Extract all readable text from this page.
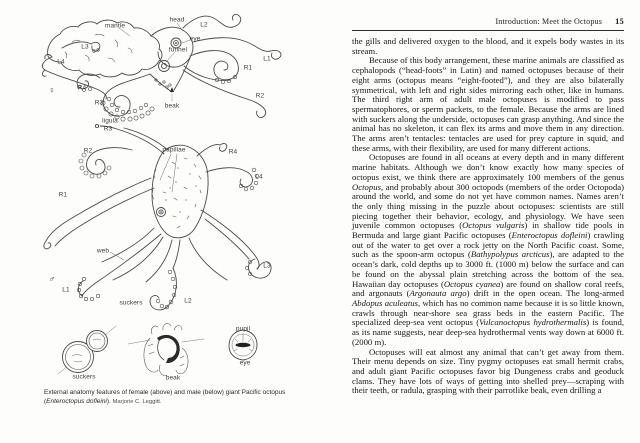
mantle
head
eye
funnel
L2
L1
R1
R2
R3
R4
L3
L4
beak
♀
ligula
R3
R2	papillae	R4
L4
R1
web
L3
L1
suckers	L2
♂
suckers	beak
pupil
eye
External anatomy features of female (above) and male (below) giant Pacific octopus (Enteroctopus dofleini). Marjorie C. Leggitt.
Introduction: Meet the Octopus 15

the gills and delivered oxygen to the blood, and it expels body wastes in its stream.

Because of this body arrangement, these marine animals are classified as cephalopods (“head-foots” in Latin) and named octopuses because of their eight arms (octopus means “eight-footed”), and they are also bilaterally symmetrical, with left and right sides mirroring each other, like in humans. The third right arm of adult male octopuses is modified to pass spermatophores, or sperm packets, to the female. Because the arms are lined with suckers along the underside, octopuses can grasp anything. And since the animal has no skeleton, it can flex its arms and move them in any direction. The arms aren’t tentacles: tentacles are used for prey capture in squid, and these arms, with their flexibility, are used for many different actions.

Octopuses are found in all oceans at every depth and in many different marine habitats. Although we don’t know exactly how many species of octopus exist, we think there are approximately 100 members of the genus Octopus, and probably about 300 octopods (members of the order Octopoda) around the world, and some do not yet have common names. Names aren’t the only thing missing in the puzzle about octopuses: scientists are still piecing together their behavior, ecology, and physiology. We have seen juvenile common octopuses (Octopus vulgaris) in shallow tide pools in Bermuda and large giant Pacific octopuses (Enteroctopus dofleini) crawling out of the water to get over a rock jetty on the North Pacific coast. Some, such as the spoon-arm octopus (Bathypolypus arcticus), are adapted to the ocean’s dark, cold depths up to 3000 ft. (1000 m) below the surface and can be found on the abyssal plain stretching across the bottom of the sea. Hawaiian day octopuses (Octopus cyanea) are found on shallow coral reefs, and argonauts (Argonauta argo) drift in the open ocean. The long-armed Abdopus aculeatus, which has no common name because it is so little known, crawls through near-shore sea grass beds in the eastern Pacific. The specialized deep-sea vent octopus (Vulcanoctopus hydrothermalis) is found, as its name suggests, near deep-sea hydrothermal vents way down at 6000 ft. (2000 m).

Octopuses will eat almost any animal that can’t get away from them. Their menu depends on size. Tiny pygmy octopuses eat small hermit crabs, and adult giant Pacific octopuses favor big Dungeness crabs and geoduck clams. They have lots of ways of getting into shelled prey—scraping with their teeth, or radula, grasping with their parrotlike beak, even drilling a
